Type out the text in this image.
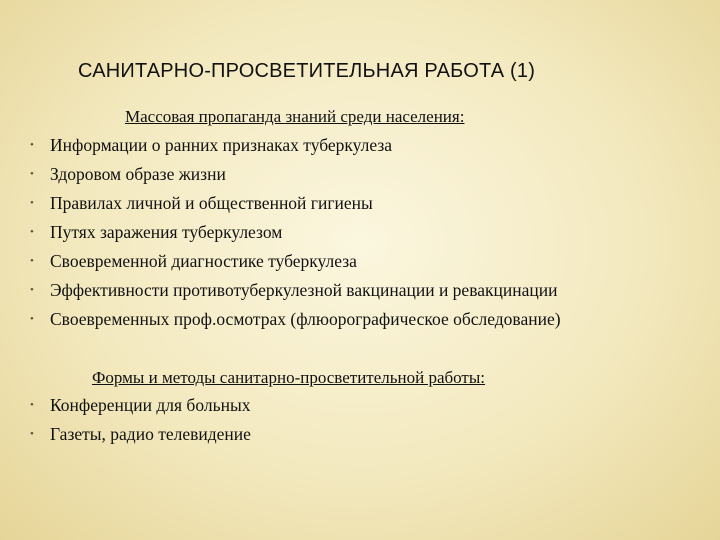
САНИТАРНО-ПРОСВЕТИТЕЛЬНАЯ РАБОТА (1)
Массовая пропаганда знаний среди населения:
• Информации о ранних признаках туберкулеза
• Здоровом образе жизни
• Правилах личной и общественной гигиены
• Путях заражения туберкулезом
• Своевременной диагностике туберкулеза
• Эффективности противотуберкулезной вакцинации и ревакцинации
• Своевременных проф.осмотрах (флюорографическое обследование)
Формы и методы санитарно-просветительной работы:
• Конференции для больных
• Газеты, радио телевидение
